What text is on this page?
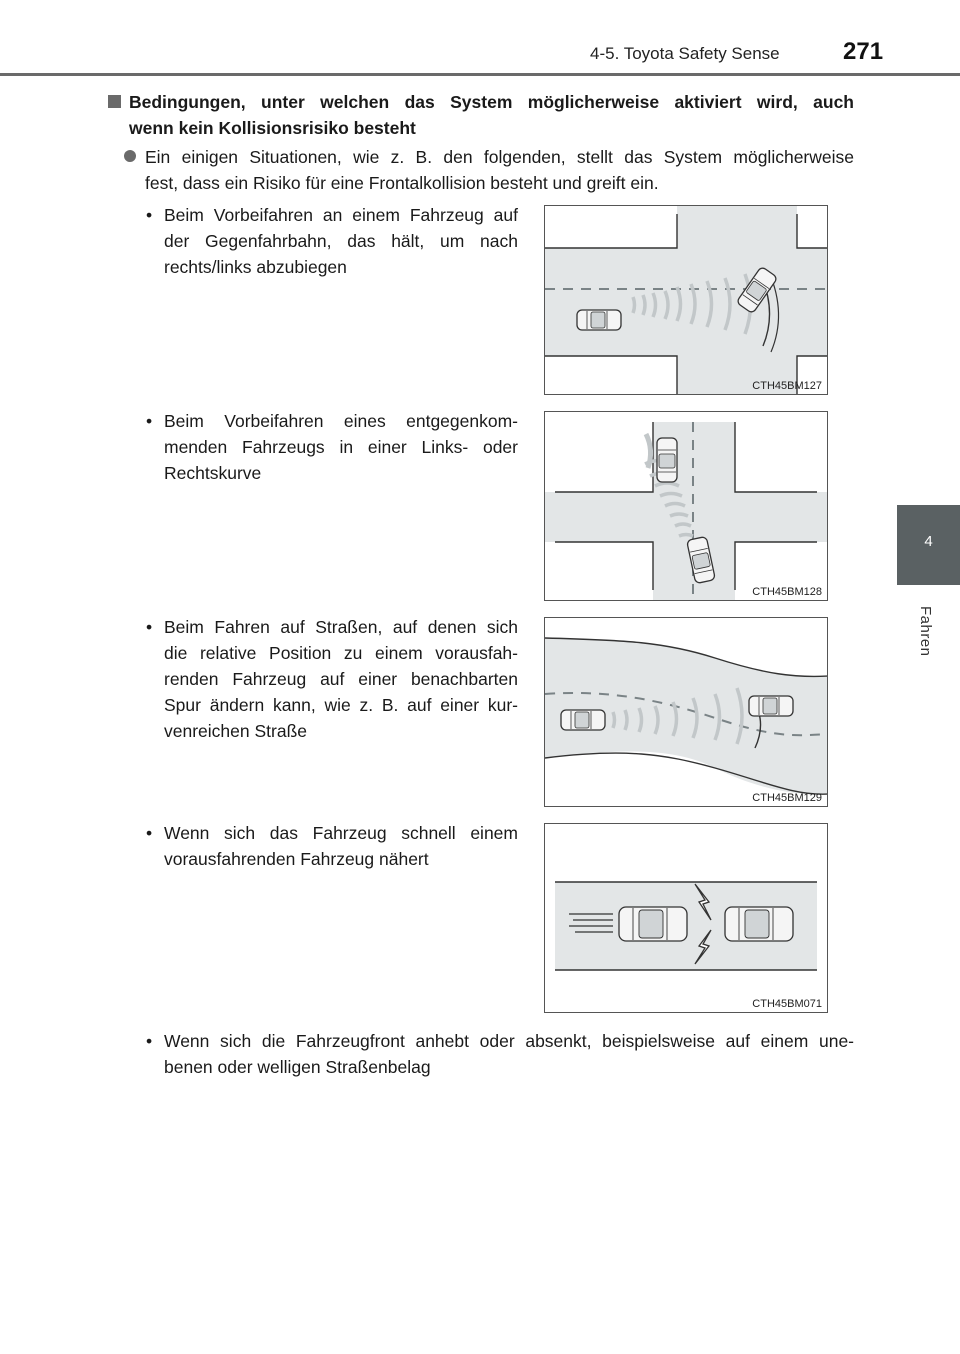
4-5. Toyota Safety Sense	271
4
Fahren
Bedingungen, unter welchen das System möglicherweise aktiviert wird, auch
wenn kein Kollisionsrisiko besteht
Ein einigen Situationen, wie z. B. den folgenden, stellt das System möglicherweise
fest, dass ein Risiko für eine Frontalkollision besteht und greift ein.
• Beim Vorbeifahren an einem Fahrzeug auf
der Gegenfahrbahn, das hält, um nach
rechts/links abzubiegen
• Beim Vorbeifahren eines entgegenkom-
menden Fahrzeugs in einer Links- oder
Rechtskurve
• Beim Fahren auf Straßen, auf denen sich
die relative Position zu einem vorausfah-
renden Fahrzeug auf einer benachbarten
Spur ändern kann, wie z. B. auf einer kur-
venreichen Straße
• Wenn sich das Fahrzeug schnell einem
vorausfahrenden Fahrzeug nähert
• Wenn sich die Fahrzeugfront anhebt oder absenkt, beispielsweise auf einem une-
benen oder welligen Straßenbelag
CTH45BM127
CTH45BM128
CTH45BM129
CTH45BM071
